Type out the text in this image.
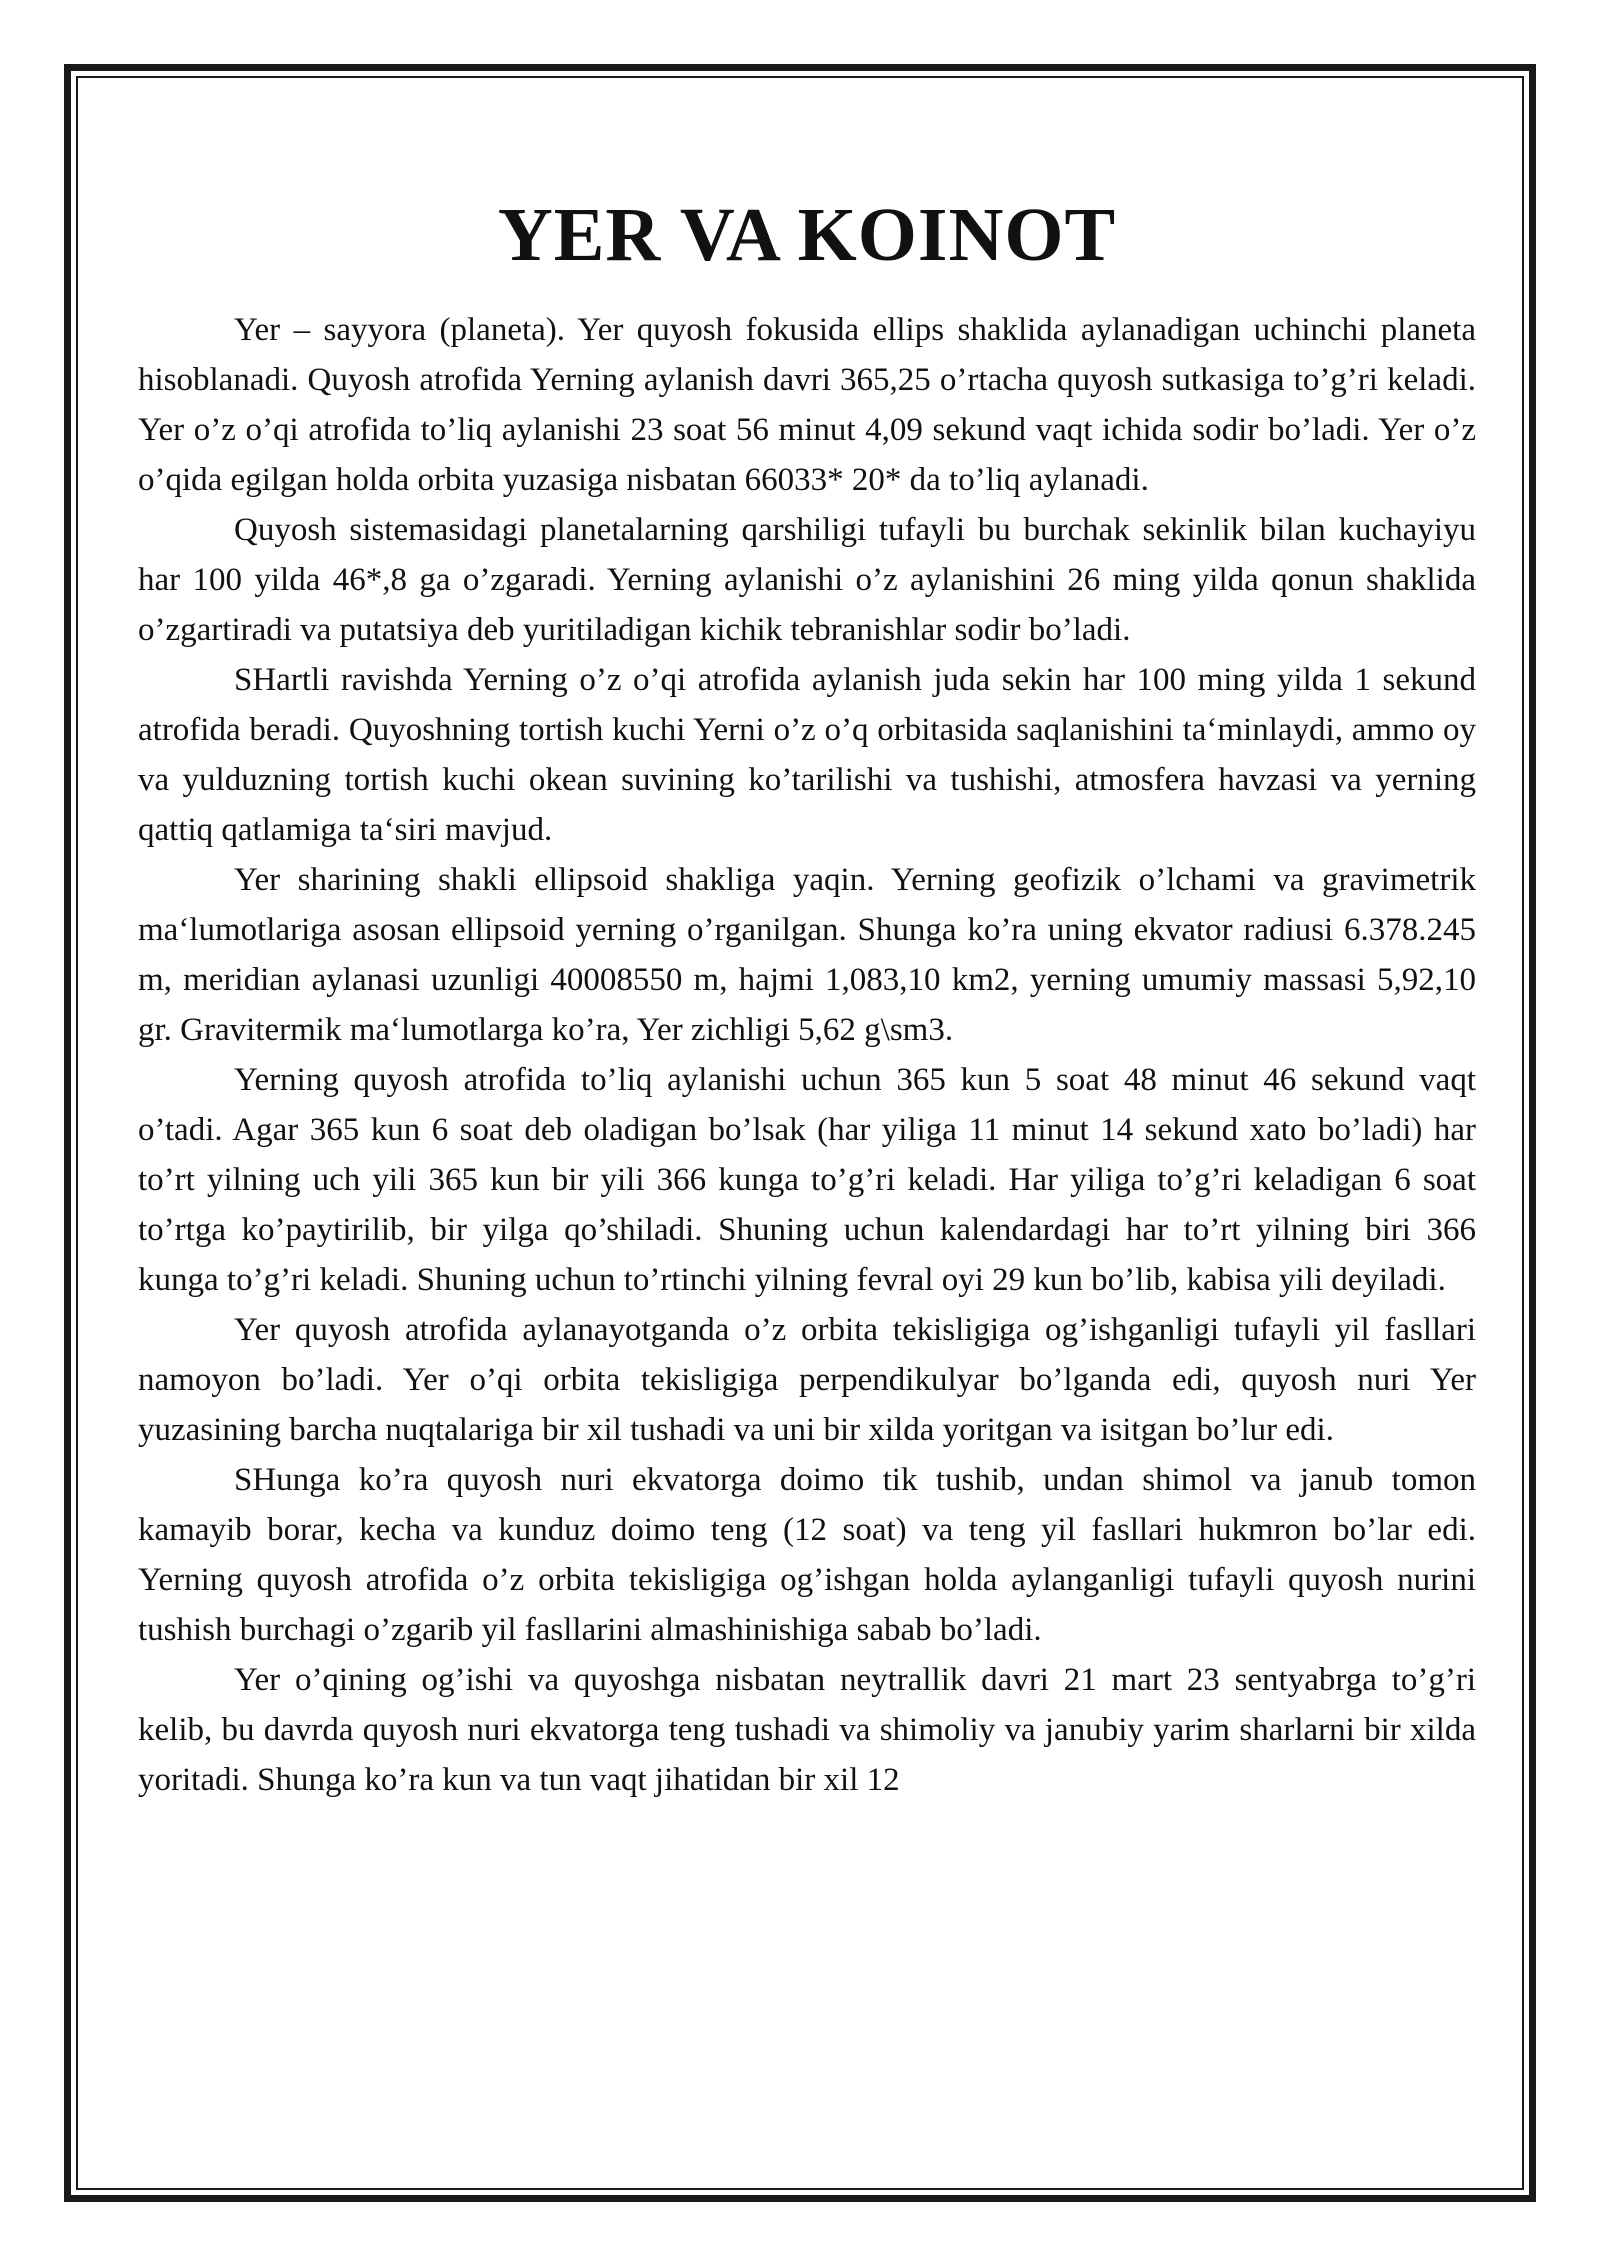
YER VA KOINOT

Yer – sayyora (planeta). Yer quyosh fokusida ellips shaklida aylanadigan uchinchi planeta hisoblanadi. Quyosh atrofida Yerning aylanish davri 365,25 o’rtacha quyosh sutkasiga to’g’ri keladi. Yer o’z o’qi atrofida to’liq aylanishi 23 soat 56 minut 4,09 sekund vaqt ichida sodir bo’ladi. Yer o’z o’qida egilgan holda orbita yuzasiga nisbatan 66033* 20* da to’liq aylanadi.

Quyosh sistemasidagi planetalarning qarshiligi tufayli bu burchak sekinlik bilan kuchayiyu har 100 yilda 46*,8 ga o’zgaradi. Yerning aylanishi o’z aylanishini 26 ming yilda qonun shaklida o’zgartiradi va putatsiya deb yuritiladigan kichik tebranishlar sodir bo’ladi.

SHartli ravishda Yerning o’z o’qi atrofida aylanish juda sekin har 100 ming yilda 1 sekund atrofida beradi. Quyoshning tortish kuchi Yerni o’z o’q orbitasida saqlanishini ta‘minlaydi, ammo oy va yulduzning tortish kuchi okean suvining ko’tarilishi va tushishi, atmosfera havzasi va yerning qattiq qatlamiga ta‘siri mavjud.

Yer sharining shakli ellipsoid shakliga yaqin. Yerning geofizik o’lchami va gravimetrik ma‘lumotlariga asosan ellipsoid yerning o’rganilgan. Shunga ko’ra uning ekvator radiusi 6.378.245 m, meridian aylanasi uzunligi 40008550 m, hajmi 1,083,10 km2, yerning umumiy massasi 5,92,10 gr. Gravitermik ma‘lumotlarga ko’ra, Yer zichligi 5,62 g\sm3.

Yerning quyosh atrofida to’liq aylanishi uchun 365 kun 5 soat 48 minut 46 sekund vaqt o’tadi. Agar 365 kun 6 soat deb oladigan bo’lsak (har yiliga 11 minut 14 sekund xato bo’ladi) har to’rt yilning uch yili 365 kun bir yili 366 kunga to’g’ri keladi. Har yiliga to’g’ri keladigan 6 soat to’rtga ko’paytirilib, bir yilga qo’shiladi. Shuning uchun kalendardagi har to’rt yilning biri 366 kunga to’g’ri keladi. Shuning uchun to’rtinchi yilning fevral oyi 29 kun bo’lib, kabisa yili deyiladi.

Yer quyosh atrofida aylanayotganda o’z orbita tekisligiga og’ishganligi tufayli yil fasllari namoyon bo’ladi. Yer o’qi orbita tekisligiga perpendikulyar bo’lganda edi, quyosh nuri Yer yuzasining barcha nuqtalariga bir xil tushadi va uni bir xilda yoritgan va isitgan bo’lur edi.

SHunga ko’ra quyosh nuri ekvatorga doimo tik tushib, undan shimol va janub tomon kamayib borar, kecha va kunduz doimo teng (12 soat) va teng yil fasllari hukmron bo’lar edi. Yerning quyosh atrofida o’z orbita tekisligiga og’ishgan holda aylanganligi tufayli quyosh nurini tushish burchagi o’zgarib yil fasllarini almashinishiga sabab bo’ladi.

Yer o’qining og’ishi va quyoshga nisbatan neytrallik davri 21 mart 23 sentyabrga to’g’ri kelib, bu davrda quyosh nuri ekvatorga teng tushadi va shimoliy va janubiy yarim sharlarni bir xilda yoritadi. Shunga ko’ra kun va tun vaqt jihatidan bir xil 12
